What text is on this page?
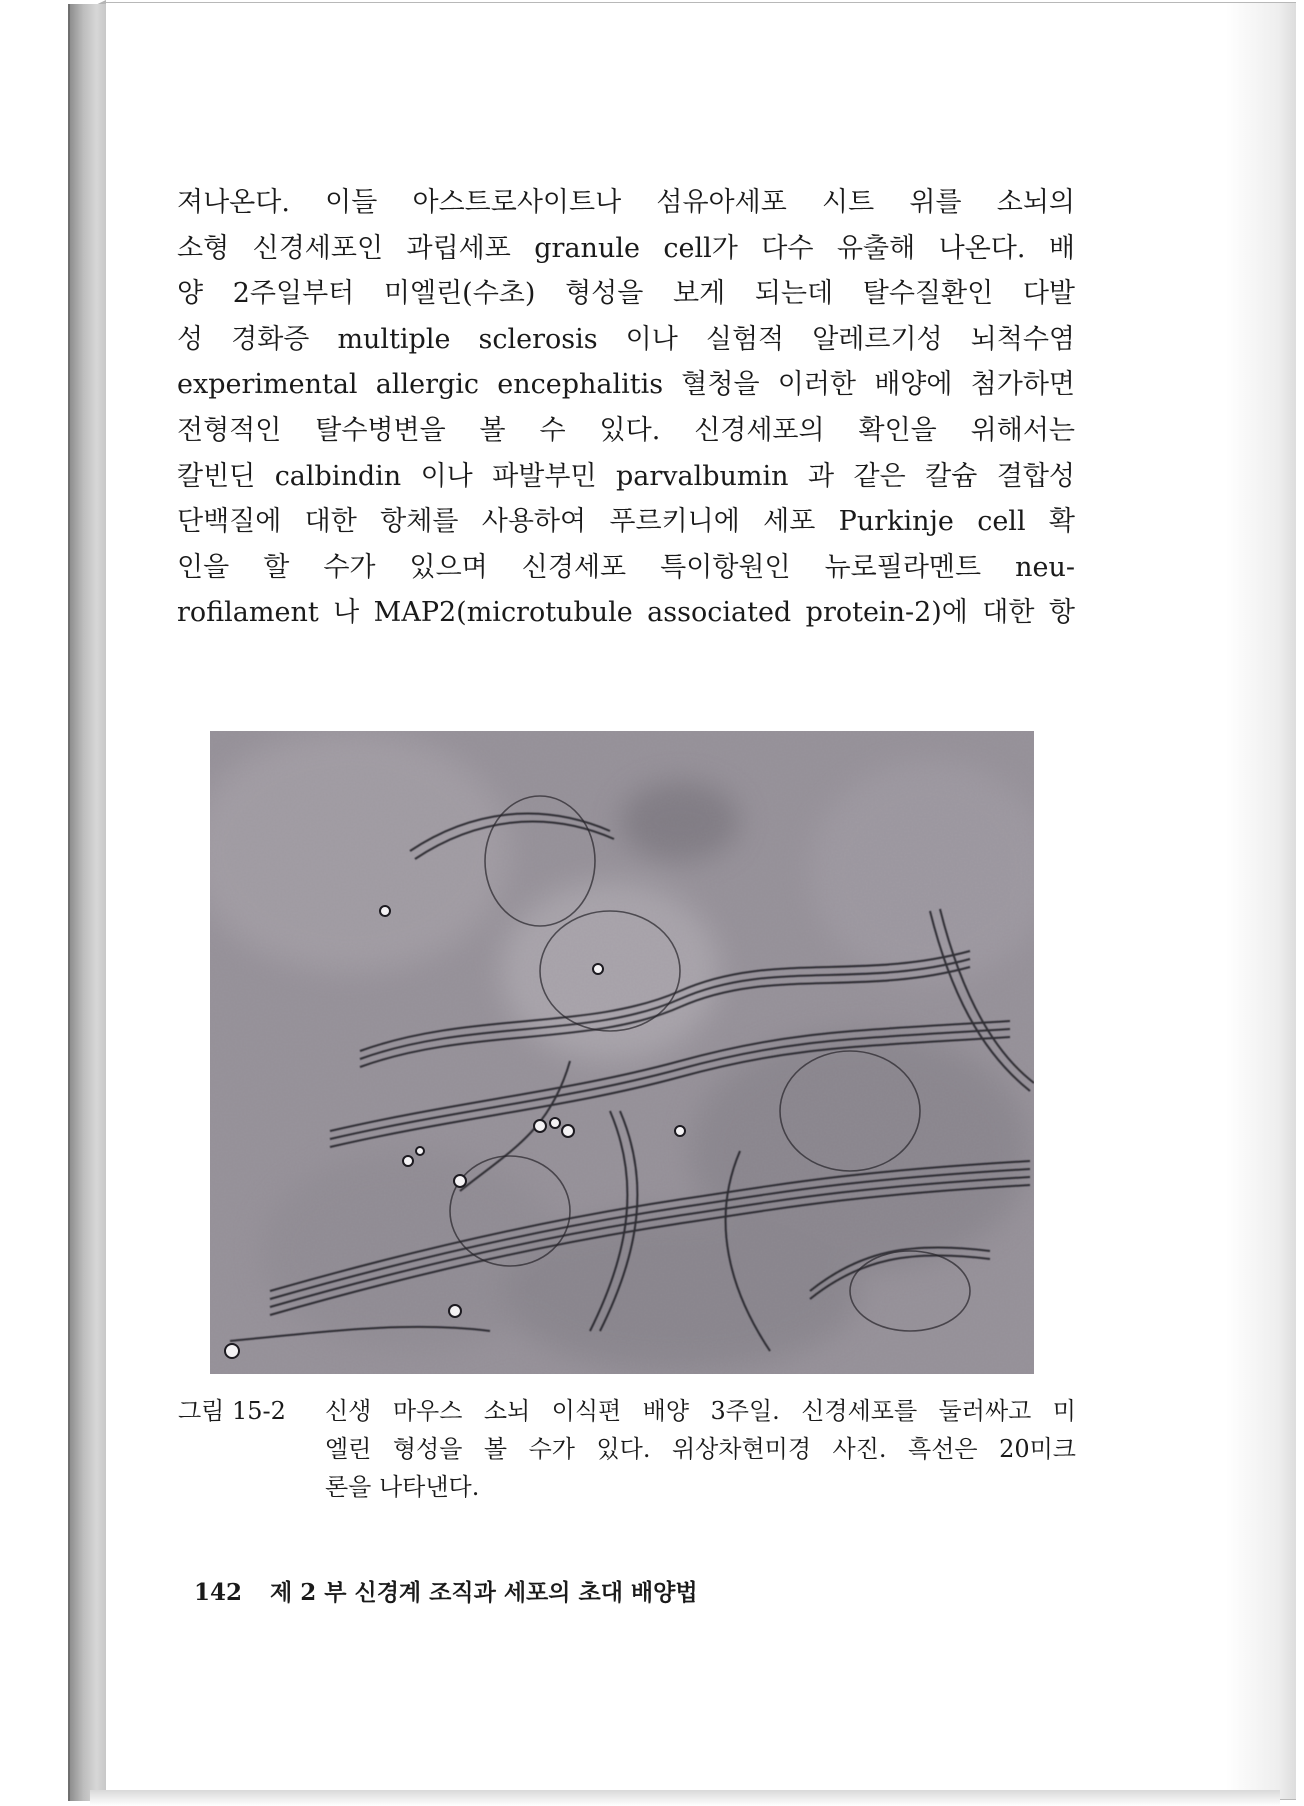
져나온다. 이들 아스트로사이트나 섬유아세포 시트 위를 소뇌의
소형 신경세포인 과립세포 granule cell가 다수 유출해 나온다. 배
양 2주일부터 미엘린(수초) 형성을 보게 되는데 탈수질환인 다발
성 경화증 multiple sclerosis 이나 실험적 알레르기성 뇌척수염
experimental allergic encephalitis 혈청을 이러한 배양에 첨가하면
전형적인 탈수병변을 볼 수 있다. 신경세포의 확인을 위해서는
칼빈딘 calbindin 이나 파발부민 parvalbumin 과 같은 칼슘 결합성
단백질에 대한 항체를 사용하여 푸르키니에 세포 Purkinje cell 확
인을 할 수가 있으며 신경세포 특이항원인 뉴로필라멘트 neu-
rofilament 나 MAP2(microtubule associated protein-2)에 대한 항
그림 15-2	신생 마우스 소뇌 이식편 배양 3주일. 신경세포를 둘러싸고 미
엘린 형성을 볼 수가 있다. 위상차현미경 사진. 흑선은 20미크
론을 나타낸다.
142 제 2 부 신경계 조직과 세포의 초대 배양법
